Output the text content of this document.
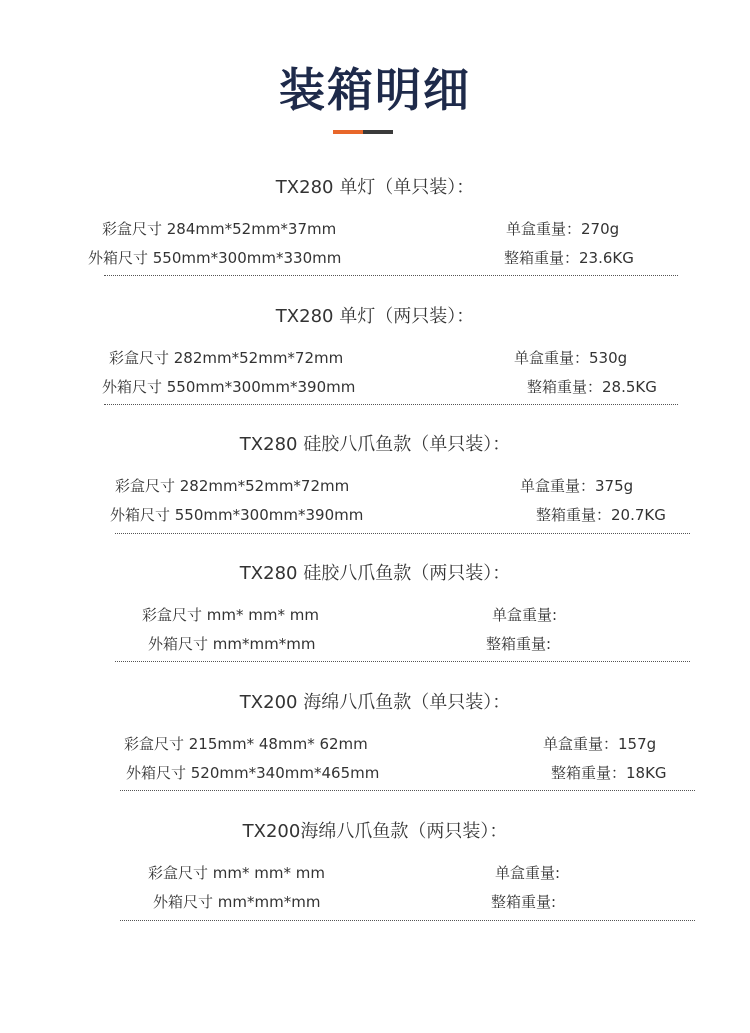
装箱明细
TX280 单灯（单只装）：
彩盒尺寸 284mm*52mm*37mm
外箱尺寸 550mm*300mm*330mm
单盒重量：270g
整箱重量：23.6KG
TX280 单灯（两只装）：
彩盒尺寸 282mm*52mm*72mm
外箱尺寸 550mm*300mm*390mm
单盒重量：530g
整箱重量：28.5KG
TX280 硅胶八爪鱼款（单只装）：
彩盒尺寸 282mm*52mm*72mm
外箱尺寸 550mm*300mm*390mm
单盒重量：375g
整箱重量：20.7KG
TX280 硅胶八爪鱼款（两只装）：
彩盒尺寸 mm* mm* mm
外箱尺寸 mm*mm*mm
单盒重量:
整箱重量:
TX200 海绵八爪鱼款（单只装）：
彩盒尺寸 215mm* 48mm* 62mm
外箱尺寸 520mm*340mm*465mm
单盒重量：157g
整箱重量：18KG
TX200海绵八爪鱼款（两只装）：
彩盒尺寸 mm* mm* mm
外箱尺寸 mm*mm*mm
单盒重量:
整箱重量:
